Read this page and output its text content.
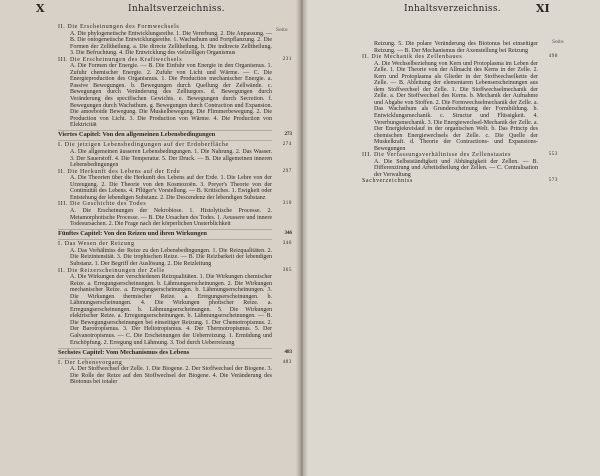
X	Inhaltsverzeichniss.
Seite
II. Die Erscheinungen des Formwechsels
A. Die phylogenetische Entwicklungsreihe. 1. Die Vererbung. 2. Die Anpassung. — B. Die ontogenetische Entwicklungsreihe. 1. Wachsthum und Fortpflanzung. 2. Die Formen der Zelltheilung. a. Die directe Zelltheilung. b. Die indirecte Zelltheilung. 3. Die Befruchtung. 4. Die Entwicklung des vielzelligen Organismus
III. Die Erscheinungen des Kraftwechsels	231
A. Die Formen der Energie. — B. Die Einfuhr von Energie in den Organismus. 1. Zufuhr chemischer Energie. 2. Zufuhr von Licht und Wärme. — C. Die Energieproduction des Organismus. 1. Die Production mechanischer Energie. a. Passive Bewegungen. b. Bewegungen durch Quellung der Zellwände. c. Bewegungen durch Veränderung des Zellturgors. d. Bewegungen durch Veränderung des specifischen Gewichts. e. Bewegungen durch Secretion. f. Bewegungen durch Wachsthum. g. Bewegungen durch Contraction und Expansion. Die amoeboide Bewegung. Die Muskelbewegung. Die Flimmerbewegung. 2. Die Production von Licht. 3. Die Production von Wärme. 4. Die Production von Elektricität
Viertes Capitel: Von den allgemeinen Lebensbedingungen	273
I. Die jetzigen Lebensbedingungen auf der Erdoberfläche	274
A. Die allgemeinen äusseren Lebensbedingungen. 1. Die Nahrung. 2. Das Wasser. 3. Der Sauerstoff. 4. Die Temperatur. 5. Der Druck. — B. Die allgemeinen inneren Lebensbedingungen
II. Die Herkunft des Lebens auf der Erde	297
A. Die Theorien über die Herkunft des Lebens auf der Erde. 1. Die Lehre von der Urzeugung. 2. Die Theorie von den Kosmozoën. 3. Preyer's Theorie von der Continuität des Lebens. 4. Pflüger's Vorstellung. — B. Kritisches. 1. Ewigkeit oder Entstehung der lebendigen Substanz. 2. Die Descendenz der lebendigen Substanz
III. Die Geschichte des Todes	310
A. Die Erscheinungen der Nekrobiose. 1. Histolytische Processe. 2. Metamorphotische Processe. — B. Die Ursachen des Todes. 1. Aeussere und innere Todesursachen. 2. Die Frage nach der körperlichen Unsterblichkeit
Fünftes Capitel: Von den Reizen und ihren Wirkungen	346
I. Das Wesen der Reizung	346
A. Das Verhältniss der Reize zu den Lebensbedingungen. 1. Die Reizqualitäten. 2. Die Reizintensität. 3. Die trophischen Reize. — B. Die Reizbarkeit der lebendigen Substanz. 1. Der Begriff der Auslösung. 2. Die Reizleitung
II. Die Reizerscheinungen der Zelle	365
A. Die Wirkungen der verschiedenen Reizqualitäten. 1. Die Wirkungen chemischer Reize. a. Erregungserscheinungen. b. Lähmungserscheinungen. 2. Die Wirkungen mechanischer Reize. a. Erregungserscheinungen. b. Lähmungserscheinungen. 3. Die Wirkungen thermischer Reize. a. Erregungserscheinungen. b. Lähmungserscheinungen. 4. Die Wirkungen photischer Reize. a. Erregungserscheinungen. b. Lähmungserscheinungen. 5. Die Wirkungen elektrischer Reize. a. Erregungserscheinungen. b. Lähmungserscheinungen. — B. Die Bewegungserscheinungen bei einseitiger Reizung. 1. Der Chemotropismus. 2. Der Barotropismus. 3. Der Heliotropismus. 4. Der Thermotropismus. 5. Der Galvanotropismus. — C. Die Erscheinungen der Ueberreizung. 1. Ermüdung und Erschöpfung. 2. Erregung und Lähmung. 3. Tod durch Ueberreizung
Sechstes Capitel: Vom Mechanismus des Lebens	483
I. Der Lebensvorgang	483
A. Der Stoffwechsel der Zelle. 1. Die Biogene. 2. Der Stoffwechsel der Biogene. 3. Die Rolle der Reize auf den Stoffwechsel der Biogene. 4. Die Veränderung des Biotonus bei totaler
Inhaltsverzeichniss.	XI
Seite
Reizung. 5. Die polare Veränderung des Biotonus bei einseitiger Reizung. — B. Der Mechanismus der Axenstellung bei Reizung
II. Die Mechanik des Zellenbaues	498
A. Die Wechselbeziehung von Kern und Protoplasma im Leben der Zelle. 1. Die Theorie von der Allmacht des Kerns in der Zelle. 2. Kern und Protoplasma als Glieder in der Stoffwechselkette der Zelle. — B. Ableitung der elementaren Lebenserscheinungen aus dem Stoffwechsel der Zelle. 1. Die Stoffwechselmechanik der Zelle. a. Der Stoffwechsel des Kerns. b. Mechanik der Aufnahme und Abgabe von Stoffen. 2. Die Formwechselmechanik der Zelle. a. Das Wachsthum als Grunderscheinung der Formbildung. b. Entwicklungsmechanik. c. Structur und Flüssigkeit. 4. Vererbungsmechanik. 3. Die Energiewechsel-Mechanik der Zelle. a. Der Energiekreislauf in der organischen Welt. b. Das Princip des chemischen Energiewechsels der Zelle. c. Die Quelle der Muskelkraft. d. Theorie der Contractions- und Expansions-Bewegungen
III. Die Verfassungsverhältnisse des Zellenstaates	553
A. Die Selbstständigkeit und Abhängigkeit der Zellen. — B. Differenzirung und Arbeitstheilung der Zellen. — C. Centralisation der Verwaltung
Sachverzeichniss	573
